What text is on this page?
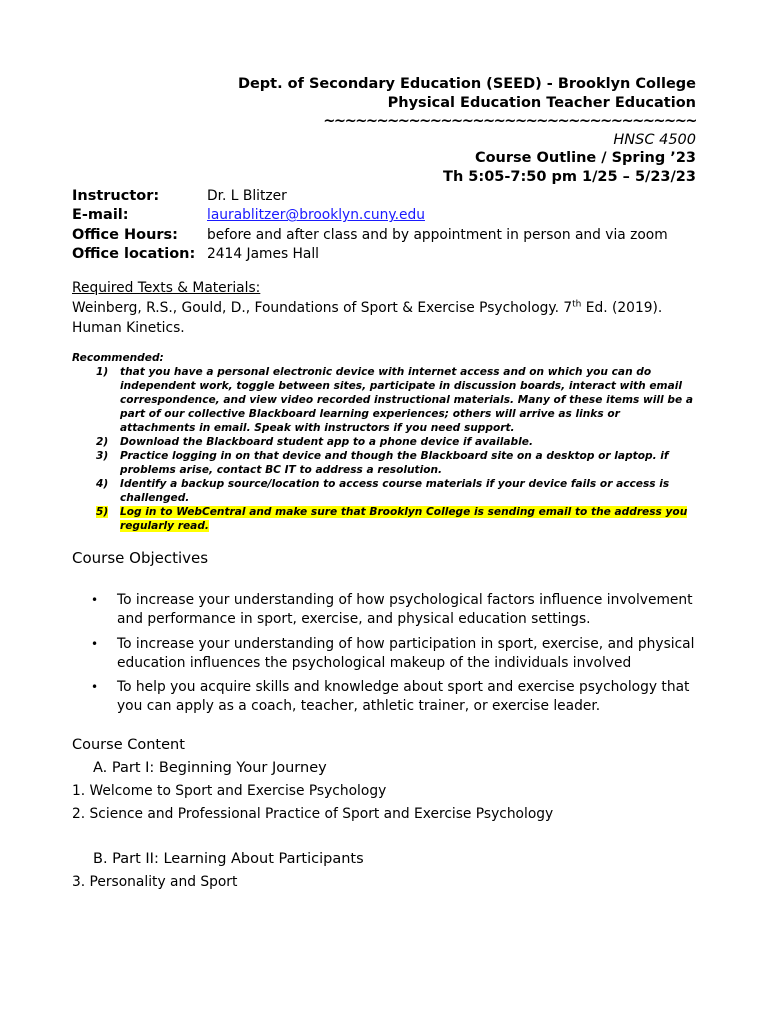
Dept. of Secondary Education (SEED) - Brooklyn College
Physical Education Teacher Education
~~~~~~~~~~~~~~~~~~~~~~~~~~~~~~~~~~~
HNSC 4500
Course Outline / Spring ’23
Th 5:05-7:50 pm 1/25 – 5/23/23
Instructor:	Dr. L Blitzer
E-mail:	laurablitzer@brooklyn.cuny.edu
Office Hours:	before and after class and by appointment in person and via zoom
Office location: 2414 James Hall
Required Texts & Materials:
Weinberg, R.S., Gould, D., Foundations of Sport & Exercise Psychology. 7th Ed. (2019). Human Kinetics.
Recommended:
1)	that you have a personal electronic device with internet access and on which you can do independent work, toggle between sites, participate in discussion boards, interact with email correspondence, and view video recorded instructional materials. Many of these items will be a part of our collective Blackboard learning experiences; others will arrive as links or attachments in email. Speak with instructors if you need support.
2)	Download the Blackboard student app to a phone device if available.
3)	Practice logging in on that device and though the Blackboard site on a desktop or laptop. if problems arise, contact BC IT to address a resolution.
4)	Identify a backup source/location to access course materials if your device fails or access is challenged.
5)	Log in to WebCentral and make sure that Brooklyn College is sending email to the address you regularly read.
Course Objectives
•	To increase your understanding of how psychological factors influence involvement and performance in sport, exercise, and physical education settings.
•	To increase your understanding of how participation in sport, exercise, and physical education influences the psychological makeup of the individuals involved
•	To help you acquire skills and knowledge about sport and exercise psychology that you can apply as a coach, teacher, athletic trainer, or exercise leader.
Course Content
A. Part I: Beginning Your Journey
1. Welcome to Sport and Exercise Psychology
2. Science and Professional Practice of Sport and Exercise Psychology
B. Part II: Learning About Participants
3. Personality and Sport
